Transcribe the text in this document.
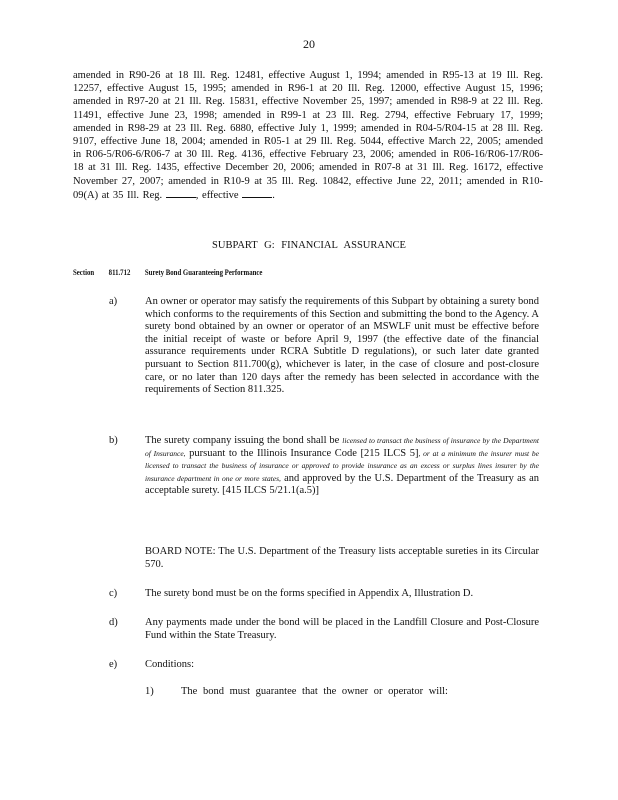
20
amended in R90-26 at 18 Ill. Reg. 12481, effective August 1, 1994; amended in R95-13 at 19 Ill. Reg. 12257, effective August 15, 1995; amended in R96-1 at 20 Ill. Reg. 12000, effective August 15, 1996; amended in R97-20 at 21 Ill. Reg. 15831, effective November 25, 1997; amended in R98-9 at 22 Ill. Reg. 11491, effective June 23, 1998; amended in R99-1 at 23 Ill. Reg. 2794, effective February 17, 1999; amended in R98-29 at 23 Ill. Reg. 6880, effective July 1, 1999; amended in R04-5/R04-15 at 28 Ill. Reg. 9107, effective June 18, 2004; amended in R05-1 at 29 Ill. Reg. 5044, effective March 22, 2005; amended in R06-5/R06-6/R06-7 at 30 Ill. Reg. 4136, effective February 23, 2006; amended in R06-16/R06-17/R06-18 at 31 Ill. Reg. 1435, effective December 20, 2006; amended in R07-8 at 31 Ill. Reg. 16172, effective November 27, 2007; amended in R10-9 at 35 Ill. Reg. 10842, effective June 22, 2011; amended in R10-09(A) at 35 Ill. Reg.	, effective	.
SUBPART G: FINANCIAL ASSURANCE
Section 811.712 Surety Bond Guaranteeing Performance
a)	An owner or operator may satisfy the requirements of this Subpart by obtaining a surety bond which conforms to the requirements of this Section and submitting the bond to the Agency. A surety bond obtained by an owner or operator of an MSWLF unit must be effective before the initial receipt of waste or before April 9, 1997 (the effective date of the financial assurance requirements under RCRA Subtitle D regulations), or such later date granted pursuant to Section 811.700(g), whichever is later, in the case of closure and post-closure care, or no later than 120 days after the remedy has been selected in accordance with the requirements of Section 811.325.
b)	The surety company issuing the bond shall be licensed to transact the business of insurance by the Department of Insurance, pursuant to the Illinois Insurance Code [215 ILCS 5], or at a minimum the insurer must be licensed to transact the business of insurance or approved to provide insurance as an excess or surplus lines insurer by the insurance department in one or more states, and approved by the U.S. Department of the Treasury as an acceptable surety. [415 ILCS 5/21.1(a.5)]
BOARD NOTE: The U.S. Department of the Treasury lists acceptable sureties in its Circular 570.
c)	The surety bond must be on the forms specified in Appendix A, Illustration D.
d)	Any payments made under the bond will be placed in the Landfill Closure and Post-Closure Fund within the State Treasury.
e)	Conditions:
1)	The bond must guarantee that the owner or operator will:
